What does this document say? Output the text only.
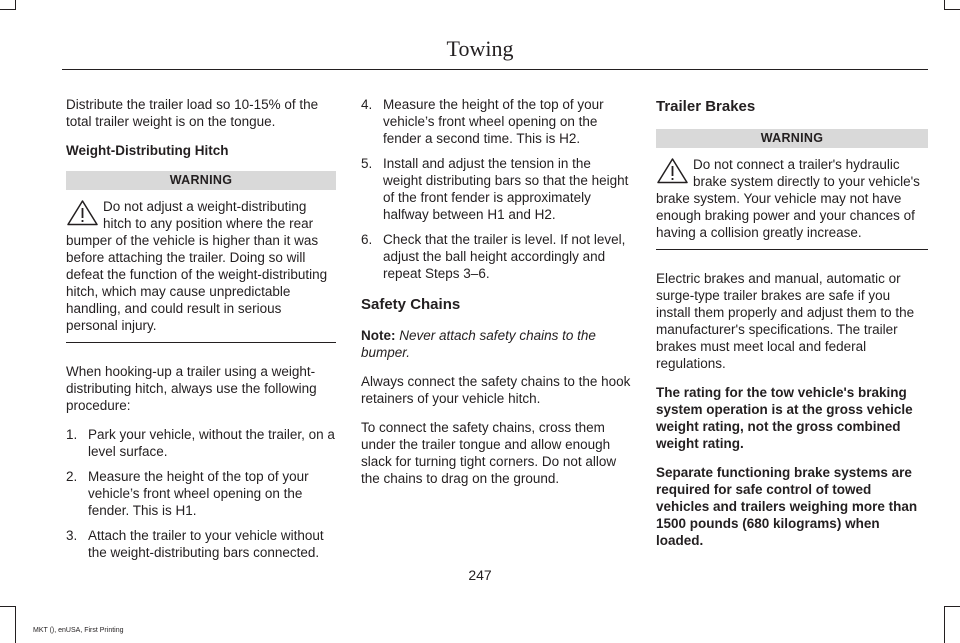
Towing

Distribute the trailer load so 10-15% of the total trailer weight is on the tongue.

Weight-Distributing Hitch

WARNING
Do not adjust a weight-distributing hitch to any position where the rear bumper of the vehicle is higher than it was before attaching the trailer. Doing so will defeat the function of the weight-distributing hitch, which may cause unpredictable handling, and could result in serious personal injury.

When hooking-up a trailer using a weight-distributing hitch, always use the following procedure:

1. Park your vehicle, without the trailer, on a level surface.
2. Measure the height of the top of your vehicle’s front wheel opening on the fender. This is H1.
3. Attach the trailer to your vehicle without the weight-distributing bars connected.
4. Measure the height of the top of your vehicle’s front wheel opening on the fender a second time. This is H2.
5. Install and adjust the tension in the weight distributing bars so that the height of the front fender is approximately halfway between H1 and H2.
6. Check that the trailer is level. If not level, adjust the ball height accordingly and repeat Steps 3–6.

Safety Chains

Note: Never attach safety chains to the bumper.

Always connect the safety chains to the hook retainers of your vehicle hitch.

To connect the safety chains, cross them under the trailer tongue and allow enough slack for turning tight corners. Do not allow the chains to drag on the ground.

Trailer Brakes

WARNING
Do not connect a trailer's hydraulic brake system directly to your vehicle's brake system. Your vehicle may not have enough braking power and your chances of having a collision greatly increase.

Electric brakes and manual, automatic or surge-type trailer brakes are safe if you install them properly and adjust them to the manufacturer's specifications. The trailer brakes must meet local and federal regulations.

The rating for the tow vehicle's braking system operation is at the gross vehicle weight rating, not the gross combined weight rating.

Separate functioning brake systems are required for safe control of towed vehicles and trailers weighing more than 1500 pounds (680 kilograms) when loaded.

247
MKT (), enUSA, First Printing
